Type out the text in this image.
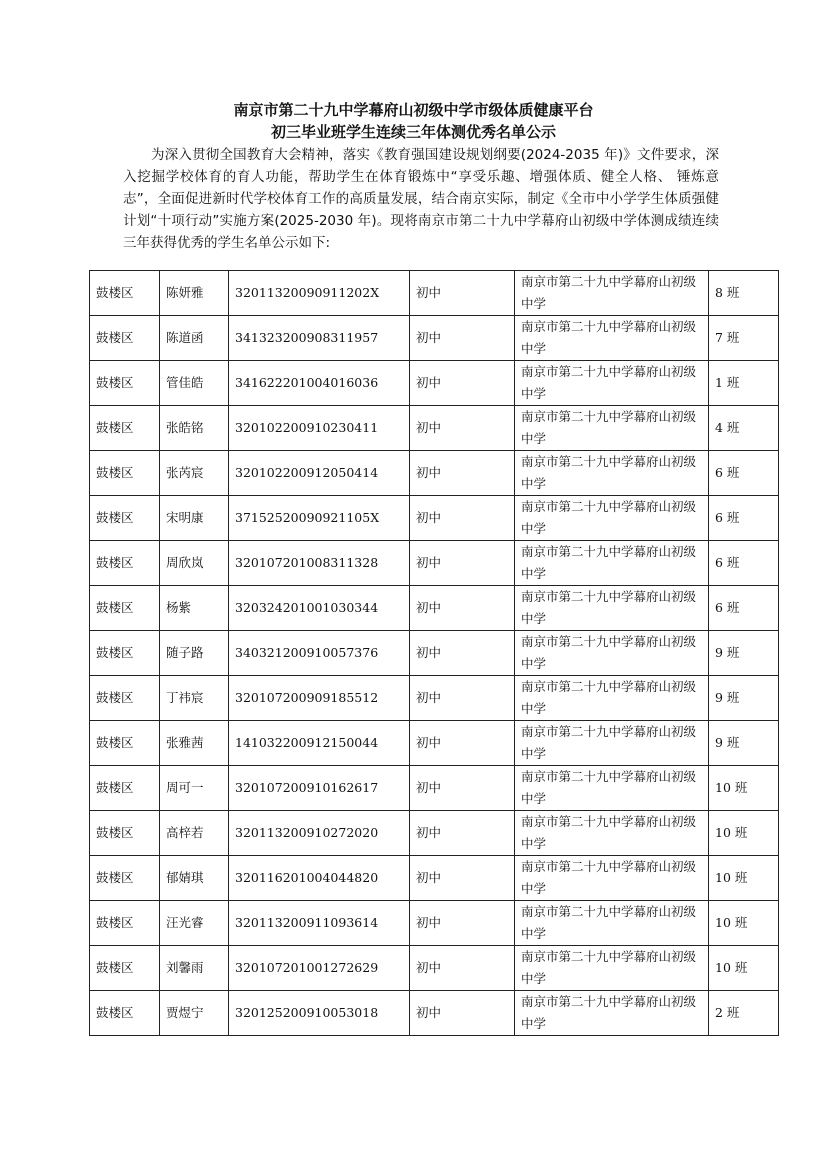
南京市第二十九中学幕府山初级中学市级体质健康平台
初三毕业班学生连续三年体测优秀名单公示

为深入贯彻全国教育大会精神，落实《教育强国建设规划纲要(2024-2035 年)》文件要求，深入挖掘学校体育的育人功能，帮助学生在体育锻炼中“享受乐趣、增强体质、健全人格、 锤炼意志”，全面促进新时代学校体育工作的高质量发展，结合南京实际，制定《全市中小学学生体质强健计划“十项行动”实施方案(2025-2030 年)。现将南京市第二十九中学幕府山初级中学体测成绩连续三年获得优秀的学生名单公示如下:

鼓楼区	陈妍雅	32011320090911202X	初中	南京市第二十九中学幕府山初级中学	8 班
鼓楼区	陈道函	341323200908311957	初中	南京市第二十九中学幕府山初级中学	7 班
鼓楼区	管佳皓	341622201004016036	初中	南京市第二十九中学幕府山初级中学	1 班
鼓楼区	张皓铭	320102200910230411	初中	南京市第二十九中学幕府山初级中学	4 班
鼓楼区	张芮宸	320102200912050414	初中	南京市第二十九中学幕府山初级中学	6 班
鼓楼区	宋明康	37152520090921105X	初中	南京市第二十九中学幕府山初级中学	6 班
鼓楼区	周欣岚	320107201008311328	初中	南京市第二十九中学幕府山初级中学	6 班
鼓楼区	杨紫	320324201001030344	初中	南京市第二十九中学幕府山初级中学	6 班
鼓楼区	随子路	340321200910057376	初中	南京市第二十九中学幕府山初级中学	9 班
鼓楼区	丁祎宸	320107200909185512	初中	南京市第二十九中学幕府山初级中学	9 班
鼓楼区	张雅茜	141032200912150044	初中	南京市第二十九中学幕府山初级中学	9 班
鼓楼区	周可一	320107200910162617	初中	南京市第二十九中学幕府山初级中学	10 班
鼓楼区	高梓若	320113200910272020	初中	南京市第二十九中学幕府山初级中学	10 班
鼓楼区	郁婧琪	320116201004044820	初中	南京市第二十九中学幕府山初级中学	10 班
鼓楼区	汪光睿	320113200911093614	初中	南京市第二十九中学幕府山初级中学	10 班
鼓楼区	刘馨雨	320107201001272629	初中	南京市第二十九中学幕府山初级中学	10 班
鼓楼区	贾煜宁	320125200910053018	初中	南京市第二十九中学幕府山初级中学	2 班
